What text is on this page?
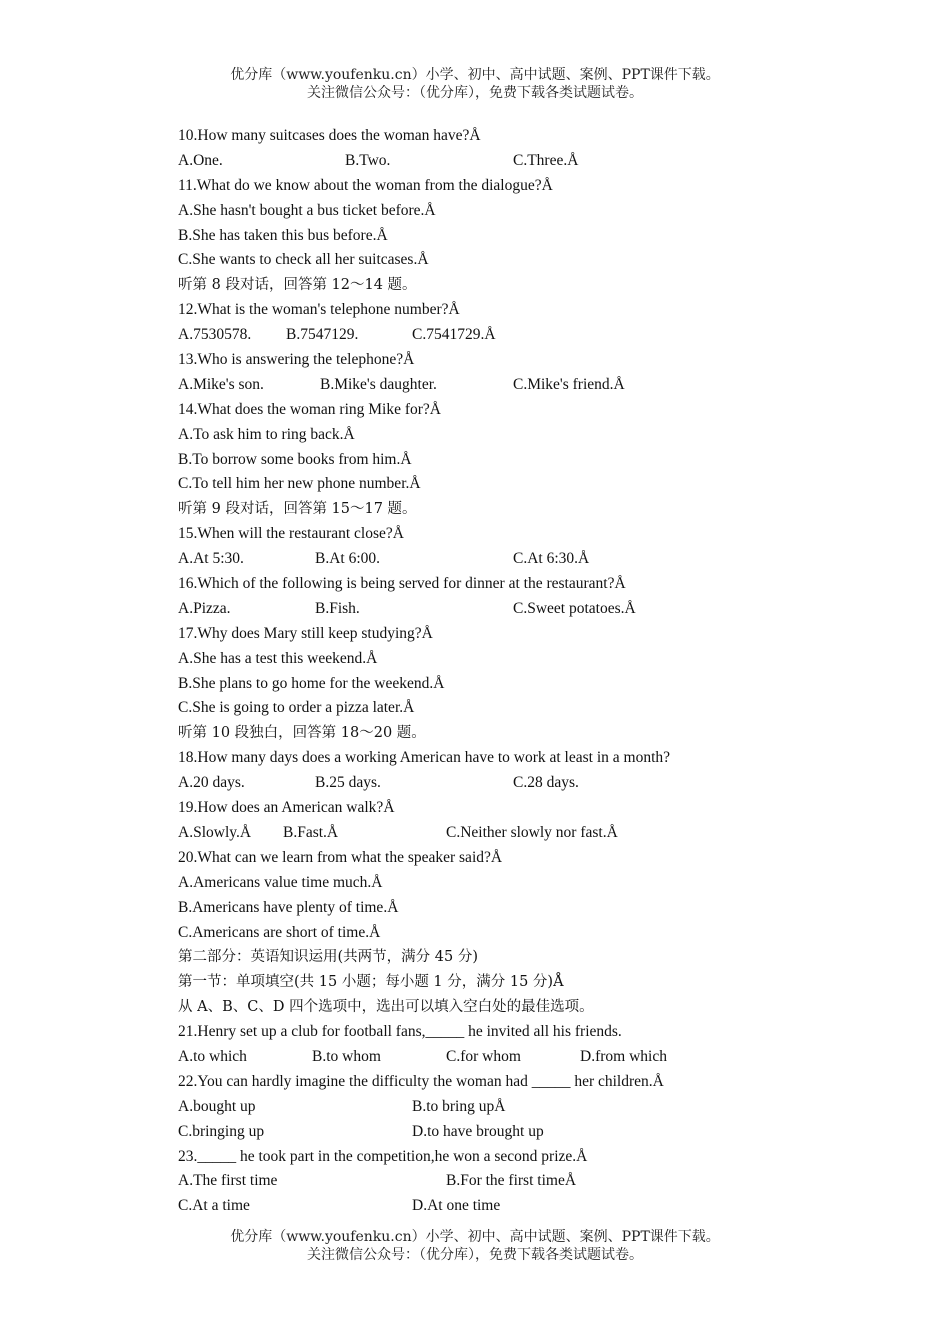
优分库（www.youfenku.cn）小学、初中、高中试题、案例、PPT课件下载。
关注微信公众号：（优分库），免费下载各类试题试卷。
10.How many suitcases does the woman have?Å
A.One.	B.Two.	C.Three.Å
11.What do we know about the woman from the dialogue?Å
A.She hasn't bought a bus ticket before.Å
B.She has taken this bus before.Å
C.She wants to check all her suitcases.Å
听第 8 段对话，回答第 12～14 题。
12.What is the woman's telephone number?Å
A.7530578. B.7547129.	C.7541729.Å
13.Who is answering the telephone?Å
A.Mike's son.	B.Mike's daughter.	C.Mike's friend.Å
14.What does the woman ring Mike for?Å
A.To ask him to ring back.Å
B.To borrow some books from him.Å
C.To tell him her new phone number.Å
听第 9 段对话，回答第 15～17 题。
15.When will the restaurant close?Å
A.At 5:30.	B.At 6:00.	C.At 6:30.Å
16.Which of the following is being served for dinner at the restaurant?Å
A.Pizza.	B.Fish.	C.Sweet potatoes.Å
17.Why does Mary still keep studying?Å
A.She has a test this weekend.Å
B.She plans to go home for the weekend.Å
C.She is going to order a pizza later.Å
听第 10 段独白，回答第 18～20 题。
18.How many days does a working American have to work at least in a month?
A.20 days.	B.25 days.	C.28 days.
19.How does an American walk?Å
A.Slowly.Å B.Fast.Å	C.Neither slowly nor fast.Å
20.What can we learn from what the speaker said?Å
A.Americans value time much.Å
B.Americans have plenty of time.Å
C.Americans are short of time.Å
第二部分：英语知识运用(共两节，满分 45 分)
第一节：单项填空(共 15 小题；每小题 1 分，满分 15 分)Å
从 A、B、C、D 四个选项中，选出可以填入空白处的最佳选项。
21.Henry set up a club for football fans,_____ he invited all his friends.
A.to which	B.to whom	C.for whom	D.from which
22.You can hardly imagine the difficulty the woman had _____ her children.Å
A.bought up	B.to bring upÅ
C.bringing up	D.to have brought up
23._____ he took part in the competition,he won a second prize.Å
A.The first time	B.For the first timeÅ
C.At a time	D.At one time
优分库（www.youfenku.cn）小学、初中、高中试题、案例、PPT课件下载。
关注微信公众号：（优分库），免费下载各类试题试卷。
